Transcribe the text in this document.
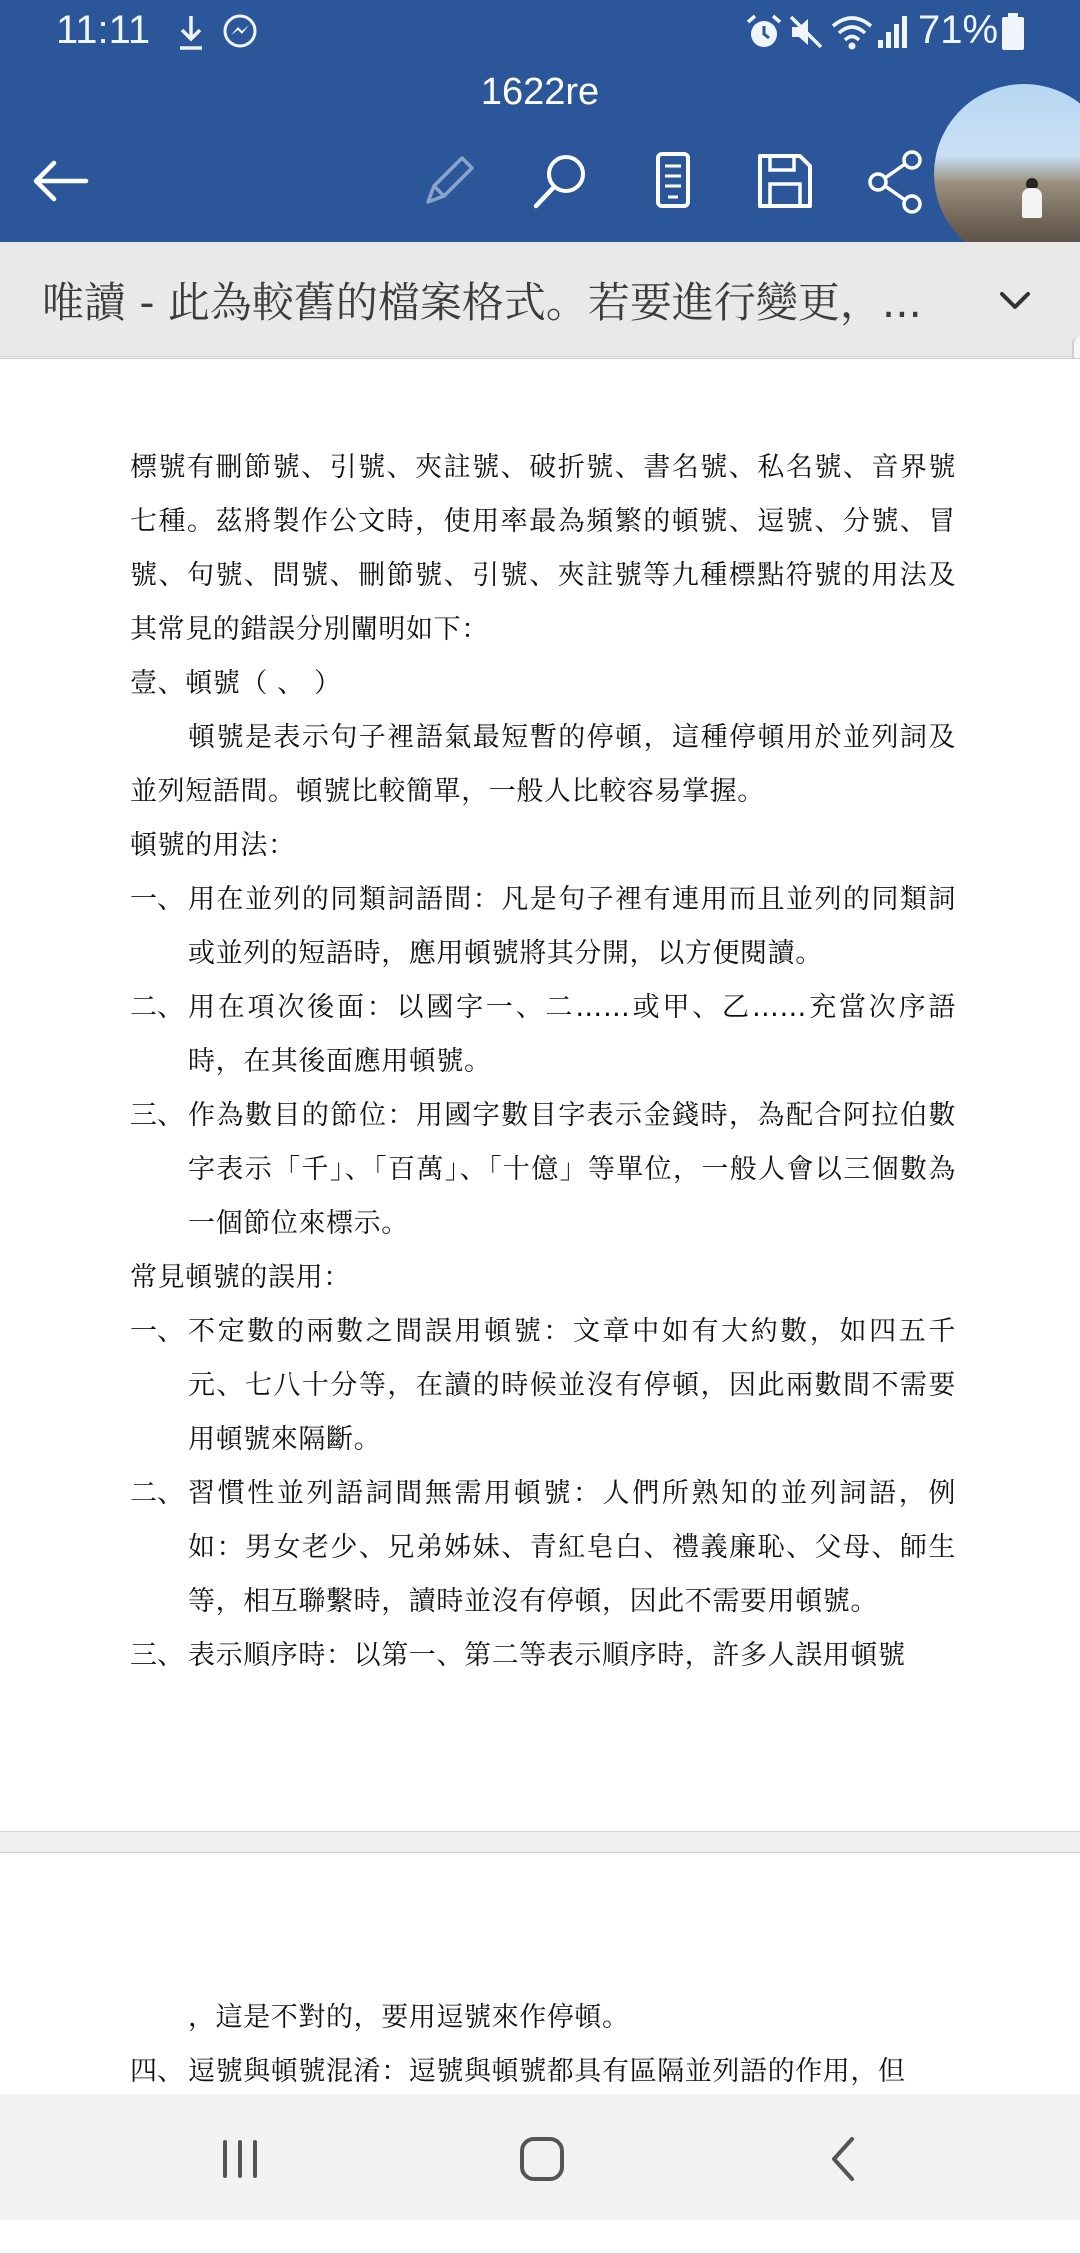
11:11	71%
1622re
唯讀 - 此為較舊的檔案格式。若要進行變更，...

標號有刪節號、引號、夾註號、破折號、書名號、私名號、音界號七種。茲將製作公文時，使用率最為頻繁的頓號、逗號、分號、冒號、句號、問號、刪節號、引號、夾註號等九種標點符號的用法及其常見的錯誤分別闡明如下：

壹、頓號（ 、 ）

頓號是表示句子裡語氣最短暫的停頓，這種停頓用於並列詞及並列短語間。頓號比較簡單，一般人比較容易掌握。

頓號的用法：

一、 用在並列的同類詞語間：凡是句子裡有連用而且並列的同類詞或並列的短語時，應用頓號將其分開，以方便閱讀。
二、 用在項次後面：以國字一、二……或甲、乙……充當次序語時，在其後面應用頓號。
三、 作為數目的節位：用國字數目字表示金錢時，為配合阿拉伯數字表示「千」、「百萬」、「十億」等單位，一般人會以三個數為一個節位來標示。

常見頓號的誤用：

一、 不定數的兩數之間誤用頓號：文章中如有大約數，如四五千元、七八十分等，在讀的時候並沒有停頓，因此兩數間不需要用頓號來隔斷。
二、 習慣性並列語詞間無需用頓號：人們所熟知的並列詞語，例如：男女老少、兄弟姊妹、青紅皂白、禮義廉恥、父母、師生等，相互聯繫時，讀時並沒有停頓，因此不需要用頓號。
三、 表示順序時：以第一、第二等表示順序時，許多人誤用頓號

，這是不對的，要用逗號來作停頓。

四、 逗號與頓號混淆：逗號與頓號都具有區隔並列語的作用，但
